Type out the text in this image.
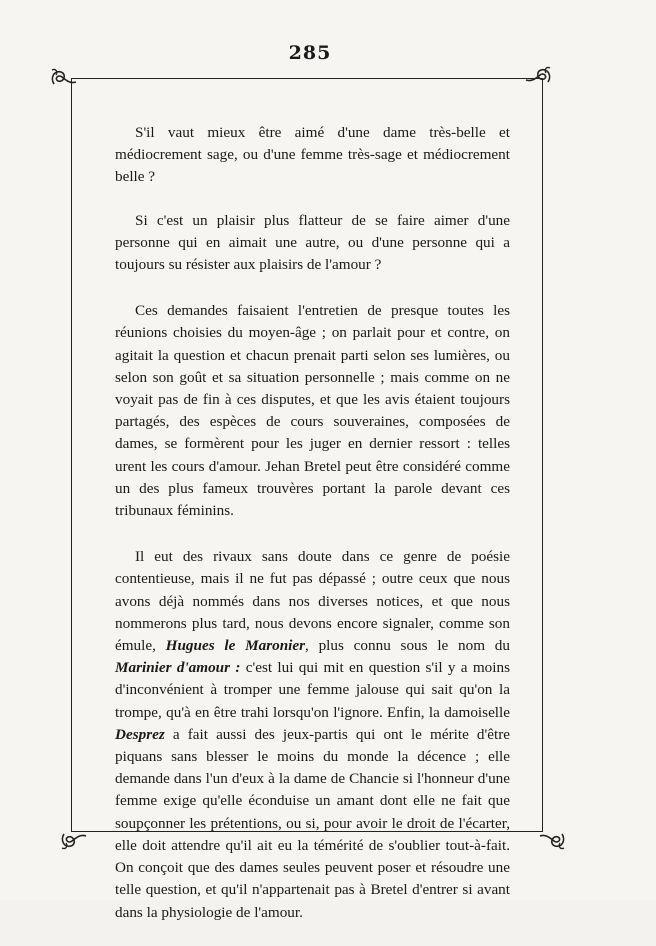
285

S'il vaut mieux être aimé d'une dame très-belle et médiocrement sage, ou d'une femme très-sage et médiocrement belle ?

Si c'est un plaisir plus flatteur de se faire aimer d'une personne qui en aimait une autre, ou d'une personne qui a toujours su résister aux plaisirs de l'amour ?

Ces demandes faisaient l'entretien de presque toutes les réunions choisies du moyen-âge ; on parlait pour et contre, on agitait la question et chacun prenait parti selon ses lumières, ou selon son goût et sa situation personnelle ; mais comme on ne voyait pas de fin à ces disputes, et que les avis étaient toujours partagés, des espèces de cours souveraines, composées de dames, se formèrent pour les juger en dernier ressort : telles urent les cours d'amour. Jehan Bretel peut être considéré comme un des plus fameux trouvères portant la parole devant ces tribunaux féminins.

Il eut des rivaux sans doute dans ce genre de poésie contentieuse, mais il ne fut pas dépassé ; outre ceux que nous avons déjà nommés dans nos diverses notices, et que nous nommerons plus tard, nous devons encore signaler, comme son émule, Hugues le Maronier, plus connu sous le nom du Marinier d'amour : c'est lui qui mit en question s'il y a moins d'inconvénient à tromper une femme jalouse qui sait qu'on la trompe, qu'à en être trahi lorsqu'on l'ignore. Enfin, la damoiselle Desprez a fait aussi des jeux-partis qui ont le mérite d'être piquans sans blesser le moins du monde la décence ; elle demande dans l'un d'eux à la dame de Chancie si l'honneur d'une femme exige qu'elle éconduise un amant dont elle ne fait que soupçonner les prétentions, ou si, pour avoir le droit de l'écarter, elle doit attendre qu'il ait eu la témérité de s'oublier tout-à-fait. On conçoit que des dames seules peuvent poser et résoudre une telle question, et qu'il n'appartenait pas à Bretel d'entrer si avant dans la physiologie de l'amour.
